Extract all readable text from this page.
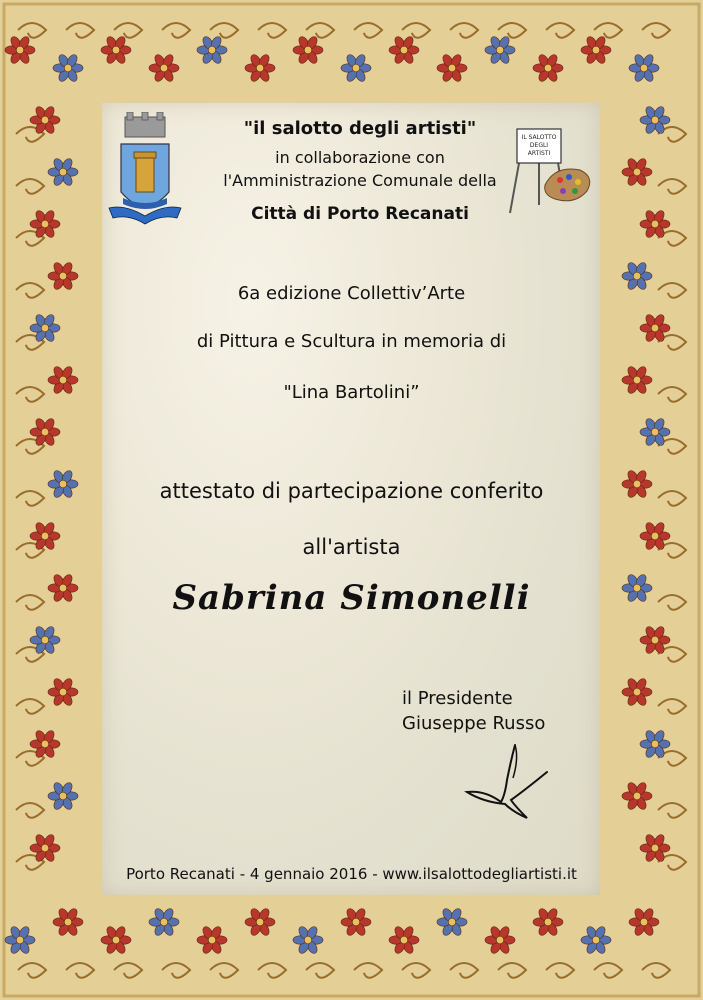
IL SALOTTO
DEGLI
ARTISTI
"il salotto degli artisti"
in collaborazione con
l'Amministrazione Comunale della
Città di Porto Recanati
6a edizione Collettiv’Arte
di Pittura e Scultura in memoria di
"Lina Bartolini”
attestato di partecipazione conferito
all'artista
Sabrina Simonelli
il Presidente
Giuseppe Russo
Porto Recanati - 4 gennaio 2016 - www.ilsalottodegliartisti.it
